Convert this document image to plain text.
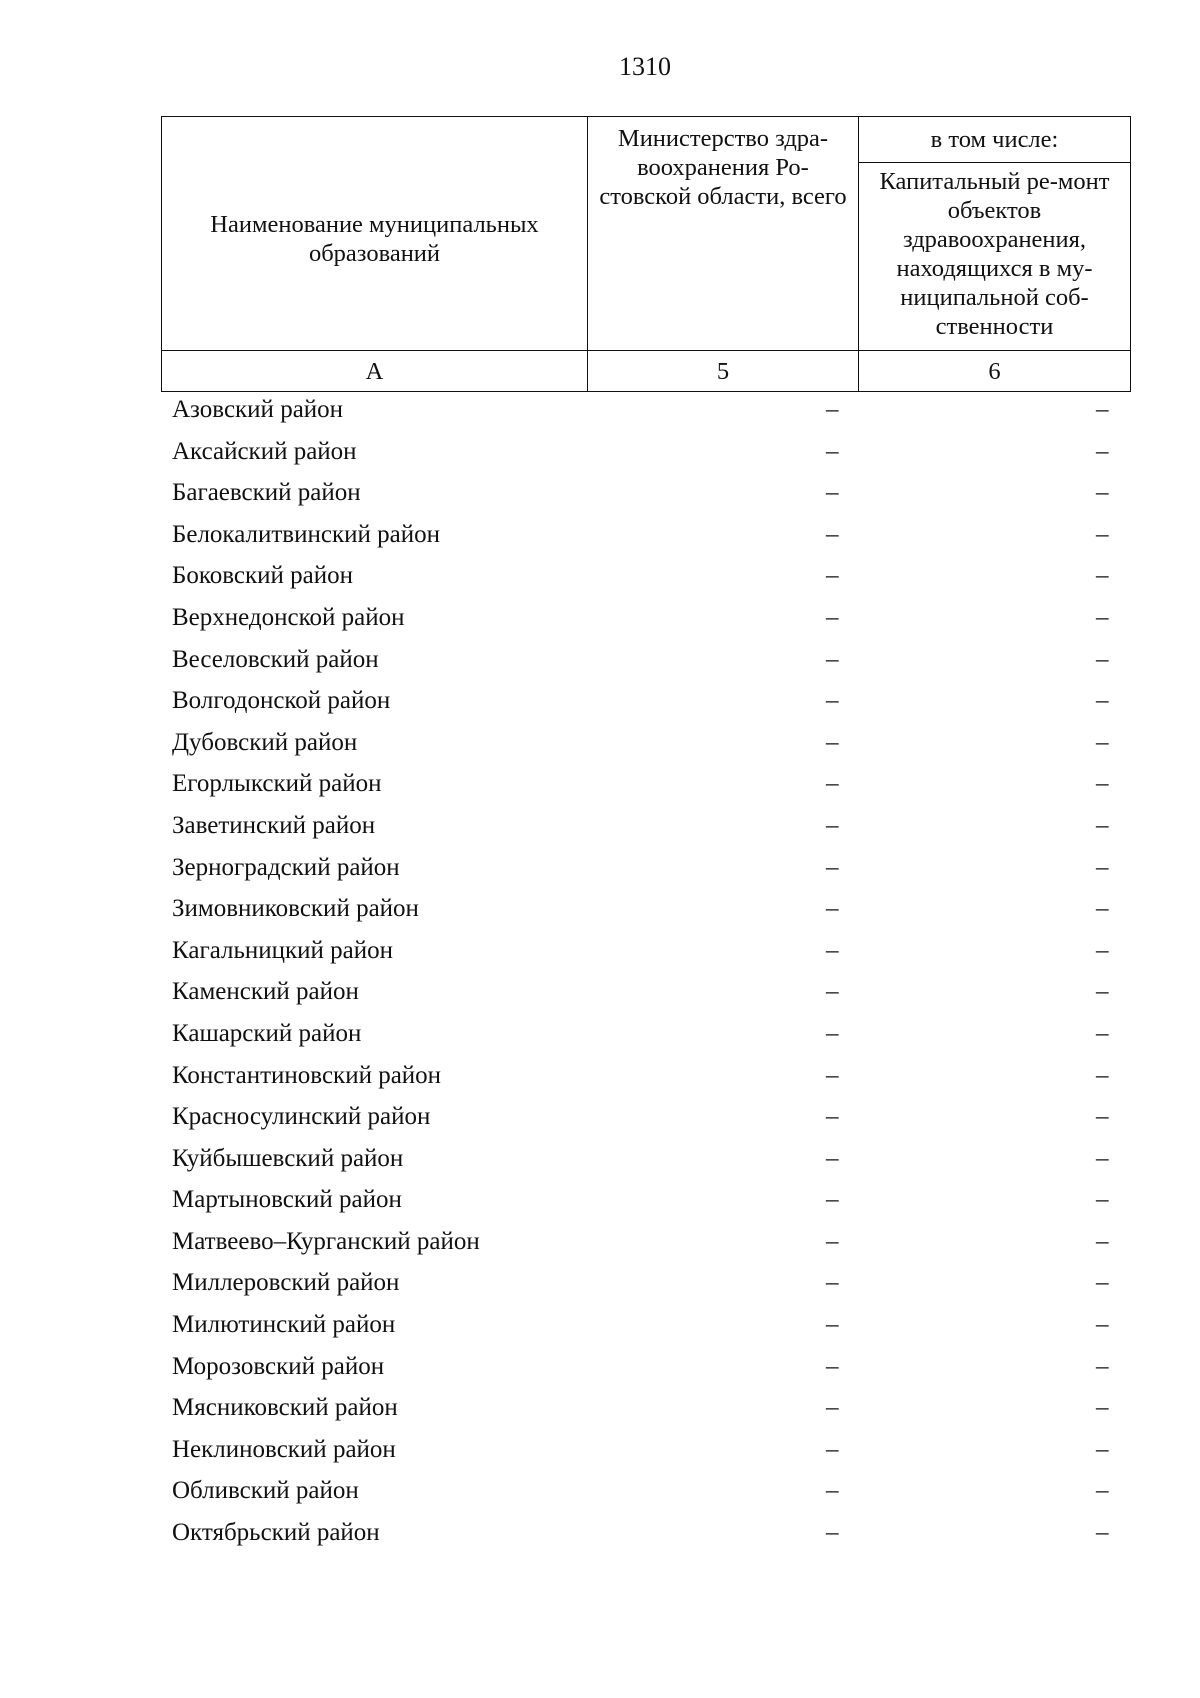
1310
Наименование муниципальных образований	Министерство здра-воохранения Ро-стовской области, всего	в том числе:
		Капитальный ре-монт объектов здравоохранения, находящихся в му-ниципальной соб-ственности
А	5	6
Азовский район	–	–
Аксайский район	–	–
Багаевский район	–	–
Белокалитвинский район	–	–
Боковский район	–	–
Верхнедонской район	–	–
Веселовский район	–	–
Волгодонской район	–	–
Дубовский район	–	–
Егорлыкский район	–	–
Заветинский район	–	–
Зерноградский район	–	–
Зимовниковский район	–	–
Кагальницкий район	–	–
Каменский район	–	–
Кашарский район	–	–
Константиновский район	–	–
Красносулинский район	–	–
Куйбышевский район	–	–
Мартыновский район	–	–
Матвеево–Курганский район	–	–
Миллеровский район	–	–
Милютинский район	–	–
Морозовский район	–	–
Мясниковский район	–	–
Неклиновский район	–	–
Обливский район	–	–
Октябрьский район	–	–
